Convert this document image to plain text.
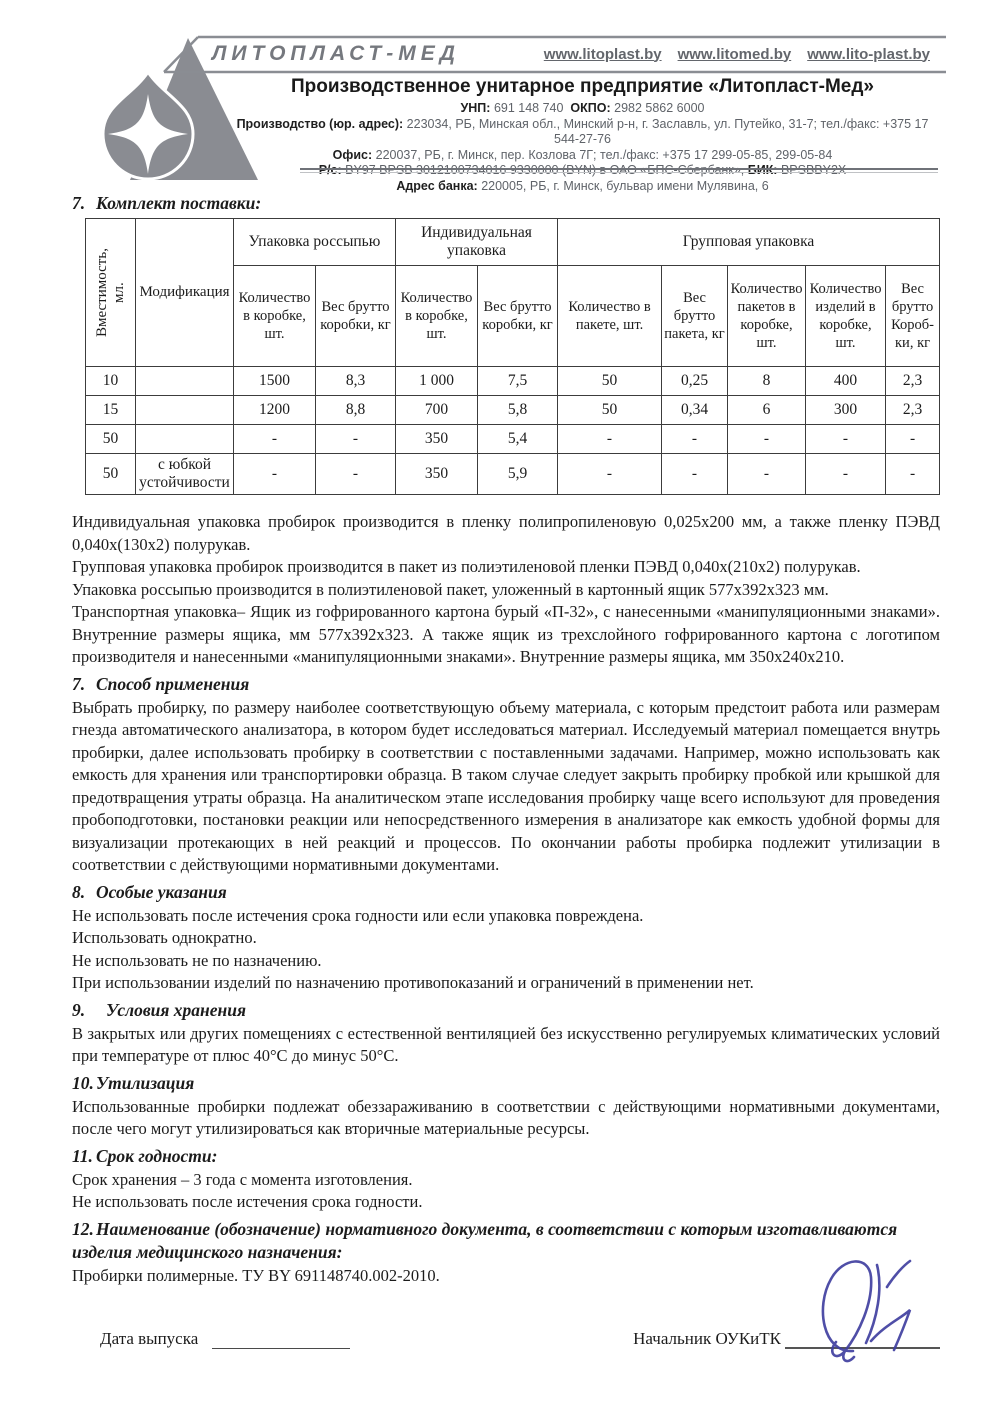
ЛИТОПЛАСТ-МЕД	www.litoplast.by www.litomed.by www.lito-plast.by
Производственное унитарное предприятие «Литопласт-Мед»
УНП: 691 148 740 ОКПО: 2982 5862 6000
Производство (юр. адрес): 223034, РБ, Минская обл., Минский р-н, г. Заславль, ул. Путейко, 31-7; тел./факс: +375 17 544-27-76
Офис: 220037, РБ, г. Минск, пер. Козлова 7Г; тел./факс: +375 17 299-05-85, 299-05-84
Р/с: BY97 BPSB 3012100734016 9330000 (BYN) в ОАО «БПС-Сбербанк», БИК: BPSBBY2X
Адрес банка: 220005, РБ, г. Минск, бульвар имени Мулявина, 6
7. Комплект поставки:
Вместимость, мл.	Модификация	Упаковка россыпью		Индивидуальная упаковка		Групповая упаковка				
		Количество в коробке, шт.	Вес брутто коробки, кг	Количество в коробке, шт.	Вес брутто коробки, кг	Количество в пакете, шт.	Вес брутто пакета, кг	Количество пакетов в коробке, шт.	Количество изделий в коробке, шт.	Вес брутто Коробки, кг
10		1500	8,3	1 000	7,5	50	0,25	8	400	2,3
15		1200	8,8	700	5,8	50	0,34	6	300	2,3
50		-	-	350	5,4	-	-	-	-	-
50	с юбкой устойчивости	-	-	350	5,9	-	-	-	-	-

Индивидуальная упаковка пробирок производится в пленку полипропиленовую 0,025х200 мм, а также пленку ПЭВД 0,040х(130х2) полурукав.

Групповая упаковка пробирок производится в пакет из полиэтиленовой пленки ПЭВД 0,040х(210х2) полурукав.

Упаковка россыпью производится в полиэтиленовой пакет, уложенный в картонный ящик 577х392х323 мм.

Транспортная упаковка– Ящик из гофрированного картона бурый «П-32», с нанесенными «манипуляционными знаками». Внутренние размеры ящика, мм 577х392х323. А также ящик из трехслойного гофрированного картона с логотипом производителя и нанесенными «манипуляционными знаками». Внутренние размеры ящика, мм 350х240х210.

7. Способ применения

Выбрать пробирку, по размеру наиболее соответствующую объему материала, с которым предстоит работа или размерам гнезда автоматического анализатора, в котором будет исследоваться материал. Исследуемый материал помещается внутрь пробирки, далее использовать пробирку в соответствии с поставленными задачами. Например, можно использовать как емкость для хранения или транспортировки образца. В таком случае следует закрыть пробирку пробкой или крышкой для предотвращения утраты образца. На аналитическом этапе исследования пробирку чаще всего используют для проведения пробоподготовки, постановки реакции или непосредственного измерения в анализаторе как емкость удобной формы для визуализации протекающих в ней реакций и процессов. По окончании работы пробирка подлежит утилизации в соответствии с действующими нормативными документами.

8. Особые указания

Не использовать после истечения срока годности или если упаковка повреждена.

Использовать однократно.

Не использовать не по назначению.

При использовании изделий по назначению противопоказаний и ограничений в применении нет.

9. Условия хранения

В закрытых или других помещениях с естественной вентиляцией без искусственно регулируемых климатических условий при температуре от плюс 40°С до минус 50°С.

10. Утилизация

Использованные пробирки подлежат обеззараживанию в соответствии с действующими нормативными документами, после чего могут утилизироваться как вторичные материальные ресурсы.

11. Срок годности:

Срок хранения – 3 года с момента изготовления.

Не использовать после истечения срока годности.

12. Наименование (обозначение) нормативного документа, в соответствии с которым изготавливаются изделия медицинского назначения:

Пробирки полимерные. ТУ BY 691148740.002-2010.

Дата выпуска	Начальник ОУКиТК
